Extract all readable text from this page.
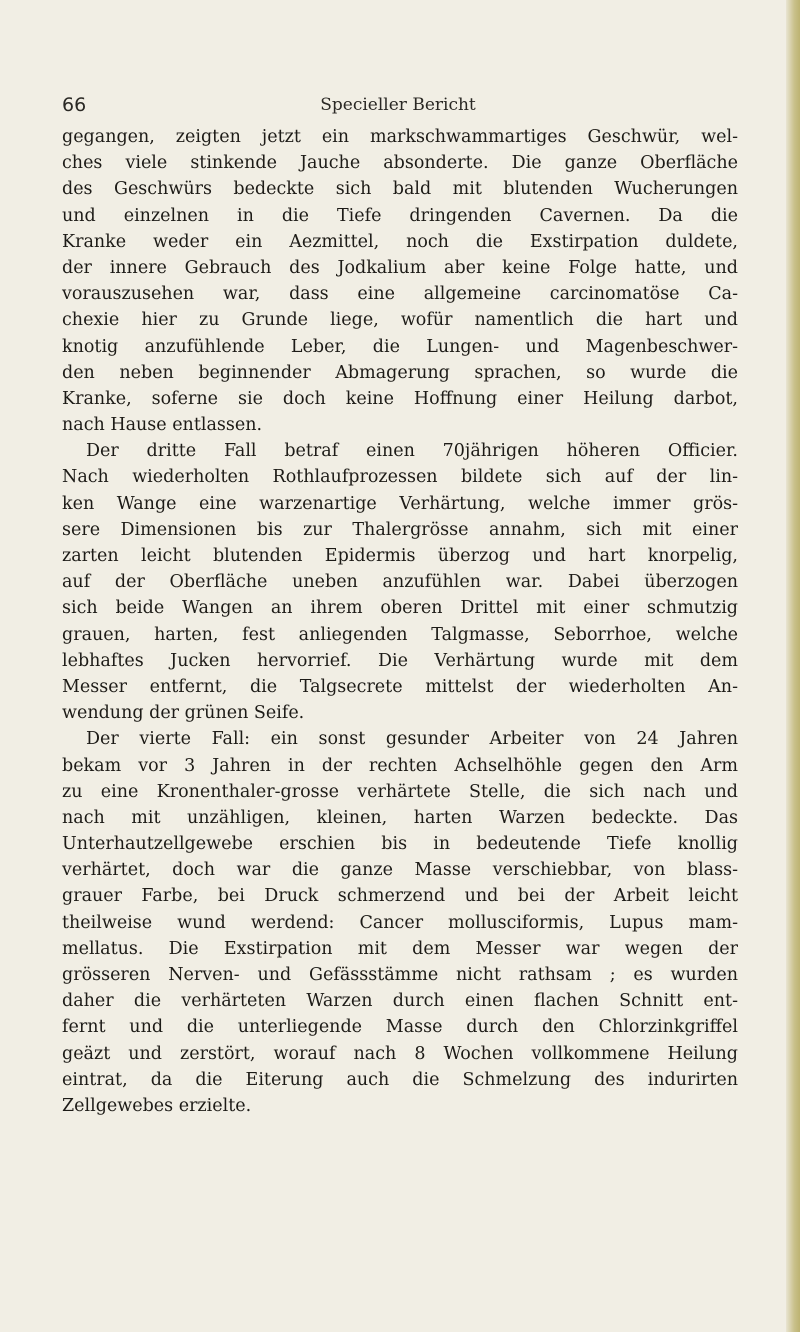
66	Specieller Bericht
gegangen, zeigten jetzt ein markschwammartiges Geschwür, wel-
ches viele stinkende Jauche absonderte. Die ganze Oberfläche
des Geschwürs bedeckte sich bald mit blutenden Wucherungen
und einzelnen in die Tiefe dringenden Cavernen. Da die
Kranke weder ein Aezmittel, noch die Exstirpation duldete,
der innere Gebrauch des Jodkalium aber keine Folge hatte, und
vorauszusehen war, dass eine allgemeine carcinomatöse Ca-
chexie hier zu Grunde liege, wofür namentlich die hart und
knotig anzufühlende Leber, die Lungen- und Magenbeschwer-
den neben beginnender Abmagerung sprachen, so wurde die
Kranke, soferne sie doch keine Hoffnung einer Heilung darbot,
nach Hause entlassen.
Der dritte Fall betraf einen 70jährigen höheren Officier.
Nach wiederholten Rothlaufprozessen bildete sich auf der lin-
ken Wange eine warzenartige Verhärtung, welche immer grös-
sere Dimensionen bis zur Thalergrösse annahm, sich mit einer
zarten leicht blutenden Epidermis überzog und hart knorpelig,
auf der Oberfläche uneben anzufühlen war. Dabei überzogen
sich beide Wangen an ihrem oberen Drittel mit einer schmutzig
grauen, harten, fest anliegenden Talgmasse, Seborrhoe, welche
lebhaftes Jucken hervorrief. Die Verhärtung wurde mit dem
Messer entfernt, die Talgsecrete mittelst der wiederholten An-
wendung der grünen Seife.
Der vierte Fall: ein sonst gesunder Arbeiter von 24 Jahren
bekam vor 3 Jahren in der rechten Achselhöhle gegen den Arm
zu eine Kronenthaler-grosse verhärtete Stelle, die sich nach und
nach mit unzähligen, kleinen, harten Warzen bedeckte. Das
Unterhautzellgewebe erschien bis in bedeutende Tiefe knollig
verhärtet, doch war die ganze Masse verschiebbar, von blass-
grauer Farbe, bei Druck schmerzend und bei der Arbeit leicht
theilweise wund werdend: Cancer mollusciformis, Lupus mam-
mellatus. Die Exstirpation mit dem Messer war wegen der
grösseren Nerven- und Gefässstämme nicht rathsam ; es wurden
daher die verhärteten Warzen durch einen flachen Schnitt ent-
fernt und die unterliegende Masse durch den Chlorzinkgriffel
geäzt und zerstört, worauf nach 8 Wochen vollkommene Heilung
eintrat, da die Eiterung auch die Schmelzung des indurirten
Zellgewebes erzielte.
